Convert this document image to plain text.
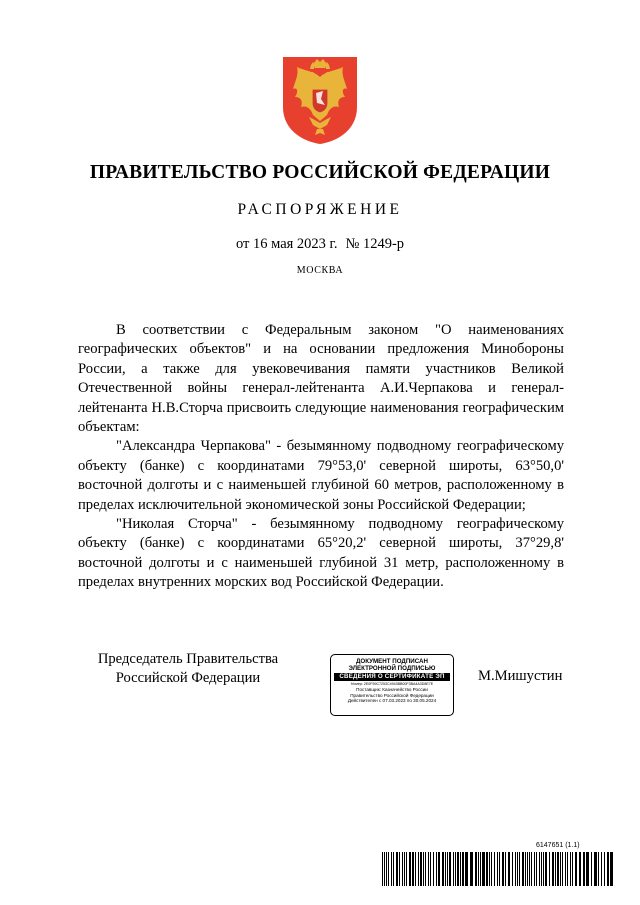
ПРАВИТЕЛЬСТВО РОССИЙСКОЙ ФЕДЕРАЦИИ
РАСПОРЯЖЕНИЕ
от 16 мая 2023 г. № 1249-р
МОСКВА

В соответствии с Федеральным законом "О наименованиях географических объектов" и на основании предложения Минобороны России, а также для увековечивания памяти участников Великой Отечественной войны генерал-лейтенанта А.И.Черпакова и генерал-лейтенанта Н.В.Сторча присвоить следующие наименования географическим объектам:

"Александра Черпакова" - безымянному подводному географическому объекту (банке) с координатами 79°53,0' северной широты, 63°50,0' восточной долготы и с наименьшей глубиной 60 метров, расположенному в пределах исключительной экономической зоны Российской Федерации;

"Николая Сторча" - безымянному подводному географическому объекту (банке) с координатами 65°20,2' северной широты, 37°29,8' восточной долготы и с наименьшей глубиной 31 метр, расположенному в пределах внутренних морских вод Российской Федерации.

Председатель Правительства
Российской Федерации
ДОКУМЕНТ ПОДПИСАН
ЭЛЕКТРОННОЙ ПОДПИСЬЮ
СВЕДЕНИЯ О СЕРТИФИКАТЕ ЭП
Номер: 2E0F59C7253C4943BB00F3BA4A3D8E7E
Поставщик: Казначейство России
Правительство Российской Федерации
Действителен с 07.03.2023 по 30.05.2024
М.Мишустин
6147651 (1.1)
